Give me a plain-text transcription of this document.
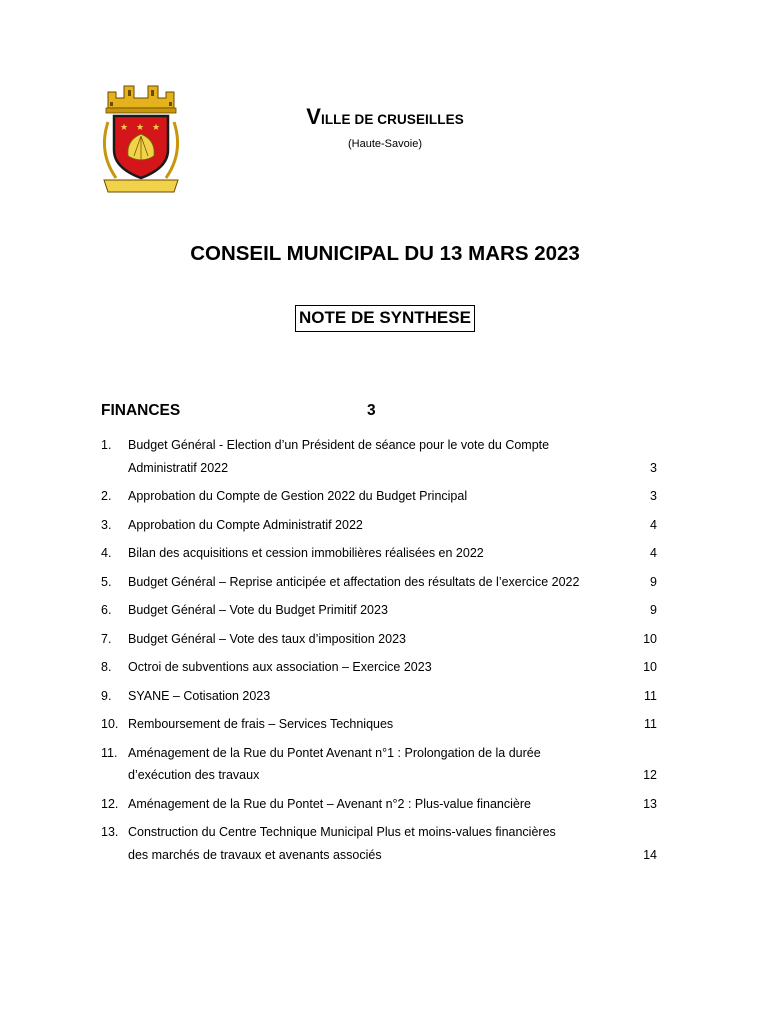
★ ★ ★	VILLE DE CRUSEILLES
(Haute-Savoie)
CONSEIL MUNICIPAL DU 13 MARS 2023
NOTE DE SYNTHESE
FINANCES	3
1. Budget Général - Election d’un Président de séance pour le vote du Compte
Administratif 2022	3
2. Approbation du Compte de Gestion 2022 du Budget Principal	3
3. Approbation du Compte Administratif 2022	4
4. Bilan des acquisitions et cession immobilières réalisées en 2022	4
5. Budget Général – Reprise anticipée et affectation des résultats de l’exercice 2022	9
6. Budget Général – Vote du Budget Primitif 2023	9
7. Budget Général – Vote des taux d’imposition 2023	10
8. Octroi de subventions aux association – Exercice 2023	10
9. SYANE – Cotisation 2023	11
10. Remboursement de frais – Services Techniques	11
11. Aménagement de la Rue du Pontet Avenant n°1 : Prolongation de la durée
d’exécution des travaux	12
12. Aménagement de la Rue du Pontet – Avenant n°2 : Plus-value financière	13
13. Construction du Centre Technique Municipal Plus et moins-values financières
des marchés de travaux et avenants associés	14
